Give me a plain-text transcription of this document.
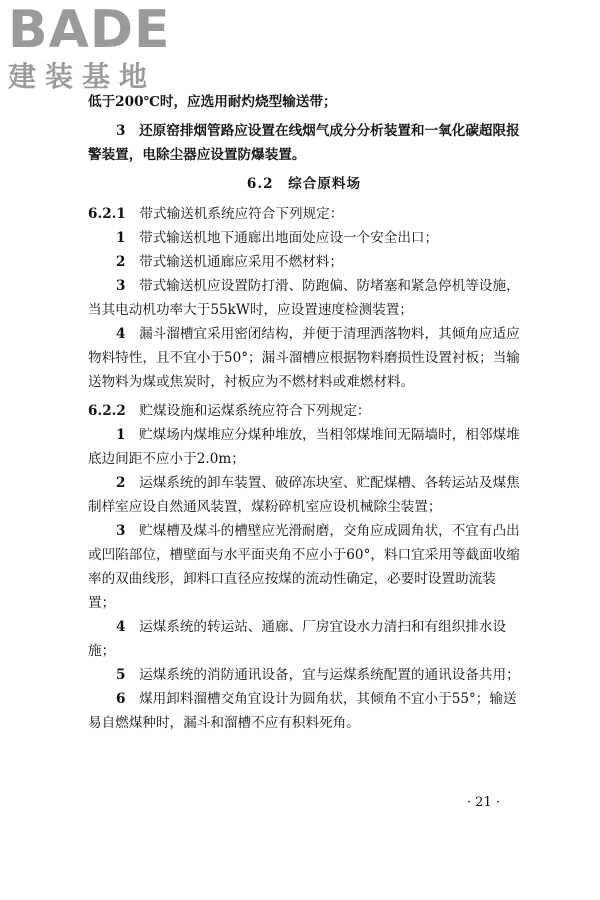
BADE
建装基地
低于200℃时，应选用耐灼烧型输送带；
3　 还原窑排烟管路应设置在线烟气成分分析装置和一氧化碳超限报警装置，电除尘器应设置防爆装置。
6.2　综合原料场
6.2.1　 带式输送机系统应符合下列规定：
1　 带式输送机地下通廊出地面处应设一个安全出口；
2　 带式输送机通廊应采用不燃材料；
3　 带式输送机应设置防打滑、防跑偏、防堵塞和紧急停机等设施，当其电动机功率大于55kW时，应设置速度检测装置；
4　 漏斗溜槽宜采用密闭结构，并便于清理洒落物料，其倾角应适应物料特性，且不宜小于50°；漏斗溜槽应根据物料磨损性设置衬板；当输送物料为煤或焦炭时，衬板应为不燃材料或难燃材料。
6.2.2　 贮煤设施和运煤系统应符合下列规定：
1　 贮煤场内煤堆应分煤种堆放，当相邻煤堆间无隔墙时，相邻煤堆底边间距不应小于2.0m；
2　 运煤系统的卸车装置、破碎冻块室、贮配煤槽、各转运站及煤焦制样室应设自然通风装置，煤粉碎机室应设机械除尘装置；
3　 贮煤槽及煤斗的槽壁应光滑耐磨，交角应成圆角状，不宜有凸出或凹陷部位，槽壁面与水平面夹角不应小于60°，料口宜采用等截面收缩率的双曲线形，卸料口直径应按煤的流动性确定，必要时设置助流装置；
4　 运煤系统的转运站、通廊、厂房宜设水力清扫和有组织排水设施；
5　 运煤系统的消防通讯设备，宜与运煤系统配置的通讯设备共用；
6　 煤用卸料溜槽交角宜设计为圆角状，其倾角不宜小于55°；输送易自燃煤种时，漏斗和溜槽不应有积料死角。
· 21 ·
